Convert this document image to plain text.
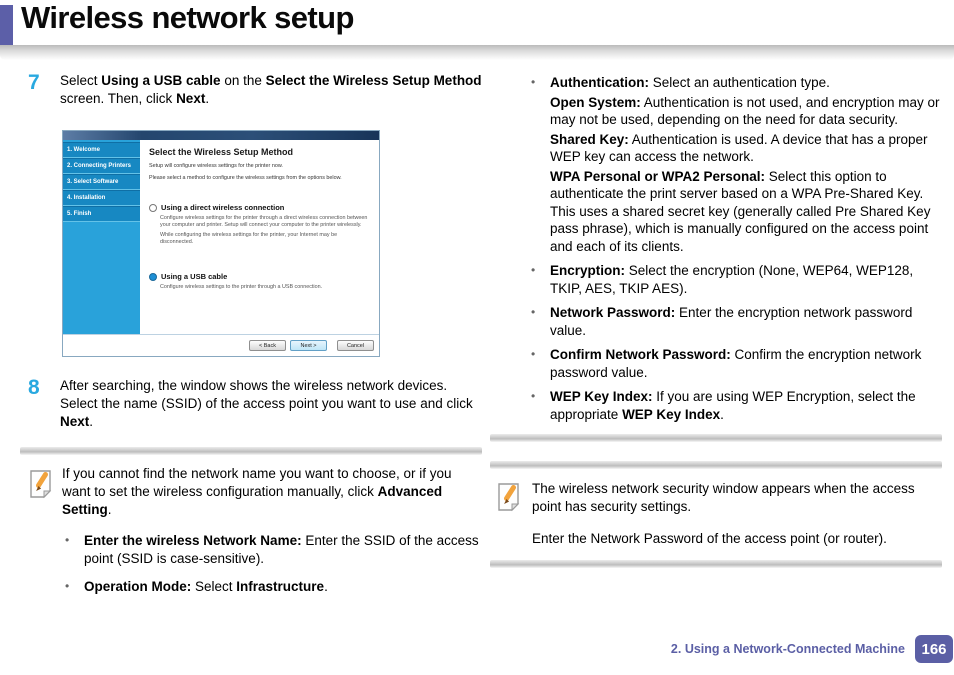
Wireless network setup
7	Select Using a USB cable on the Select the Wireless Setup Method screen. Then, click Next.

1. Welcome
2. Connecting Printers
3. Select Software
4. Installation
5. Finish
Select the Wireless Setup Method

Setup will configure wireless settings for the printer now.

Please select a method to configure the wireless settings from the options below.

Using a direct wireless connection

Configure wireless settings for the printer through a direct wireless connection between your computer and printer. Setup will connect your computer to the printer wirelessly.

While configuring the wireless settings for the printer, your Internet may be disconnected.

Using a USB cable

Configure wireless settings to the printer through a USB connection.

< Back	Next >	Cancel
8	After searching, the window shows the wireless network devices. Select the name (SSID) of the access point you want to use and click Next.

If you cannot find the network name you want to choose, or if you want to set the wireless configuration manually, click Advanced Setting.

•	Enter the wireless Network Name: Enter the SSID of the access point (SSID is case-sensitive).
•	Operation Mode: Select Infrastructure.
•	Authentication: Select an authentication type.

Open System: Authentication is not used, and encryption may or may not be used, depending on the need for data security.

Shared Key: Authentication is used. A device that has a proper WEP key can access the network.

WPA Personal or WPA2 Personal: Select this option to authenticate the print server based on a WPA Pre-Shared Key. This uses a shared secret key (generally called Pre Shared Key pass phrase), which is manually configured on the access point and each of its clients.

•	Encryption: Select the encryption (None, WEP64, WEP128, TKIP, AES, TKIP AES).

•	Network Password: Enter the encryption network password value.

•	Confirm Network Password: Confirm the encryption network password value.

•	WEP Key Index: If you are using WEP Encryption, select the appropriate WEP Key Index.

The wireless network security window appears when the access point has security settings.

Enter the Network Password of the access point (or router).

2. Using a Network-Connected Machine	166
